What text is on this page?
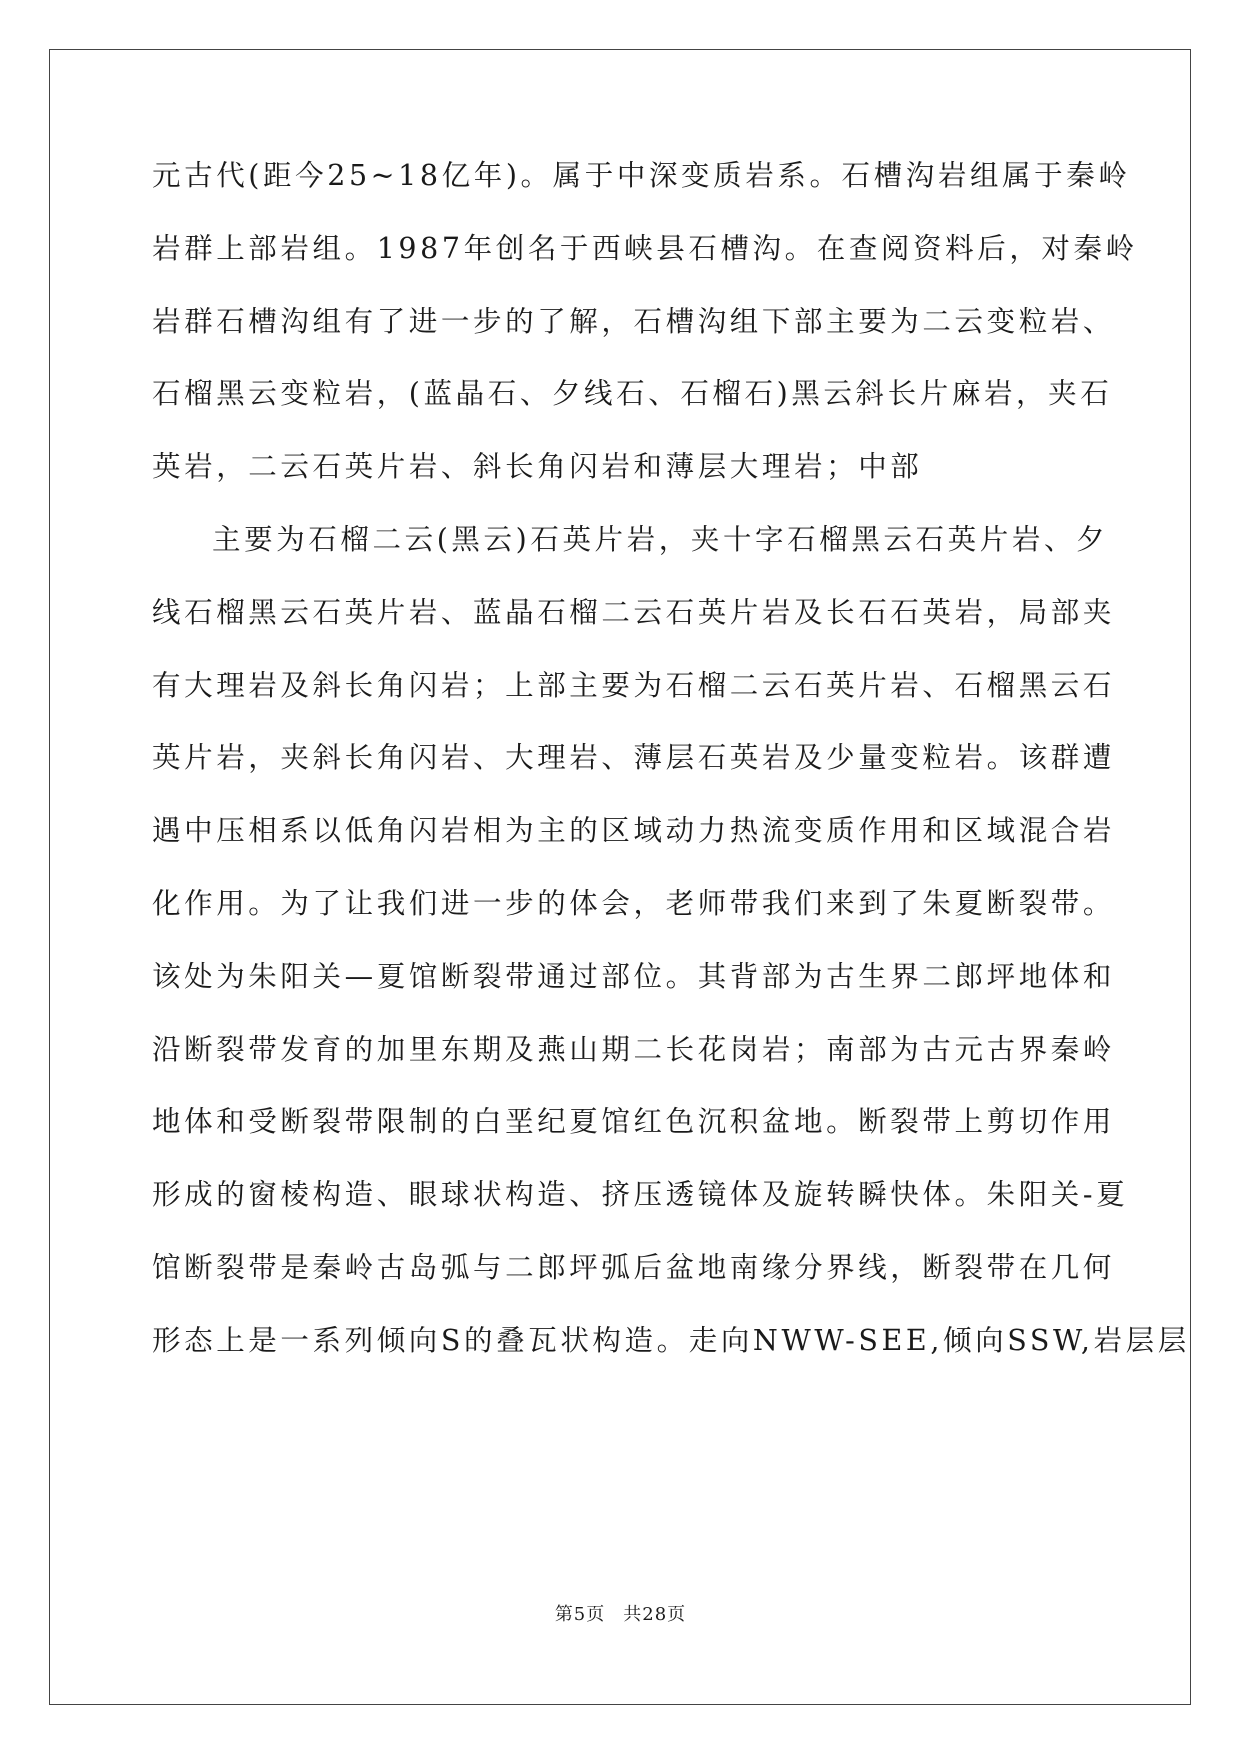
元古代(距今25~18亿年)。属于中深变质岩系。石槽沟岩组属于秦岭
岩群上部岩组。1987年创名于西峡县石槽沟。在查阅资料后，对秦岭
岩群石槽沟组有了进一步的了解，石槽沟组下部主要为二云变粒岩、
石榴黑云变粒岩，(蓝晶石、夕线石、石榴石)黑云斜长片麻岩，夹石
英岩，二云石英片岩、斜长角闪岩和薄层大理岩；中部
主要为石榴二云(黑云)石英片岩，夹十字石榴黑云石英片岩、夕
线石榴黑云石英片岩、蓝晶石榴二云石英片岩及长石石英岩，局部夹
有大理岩及斜长角闪岩；上部主要为石榴二云石英片岩、石榴黑云石
英片岩，夹斜长角闪岩、大理岩、薄层石英岩及少量变粒岩。该群遭
遇中压相系以低角闪岩相为主的区域动力热流变质作用和区域混合岩
化作用。为了让我们进一步的体会，老师带我们来到了朱夏断裂带。
该处为朱阳关—夏馆断裂带通过部位。其背部为古生界二郎坪地体和
沿断裂带发育的加里东期及燕山期二长花岗岩；南部为古元古界秦岭
地体和受断裂带限制的白垩纪夏馆红色沉积盆地。断裂带上剪切作用
形成的窗棱构造、眼球状构造、挤压透镜体及旋转瞬快体。朱阳关-夏
馆断裂带是秦岭古岛弧与二郎坪弧后盆地南缘分界线，断裂带在几何
形态上是一系列倾向S的叠瓦状构造。走向NWW-SEE,倾向SSW,岩层层
第5页 共28页
